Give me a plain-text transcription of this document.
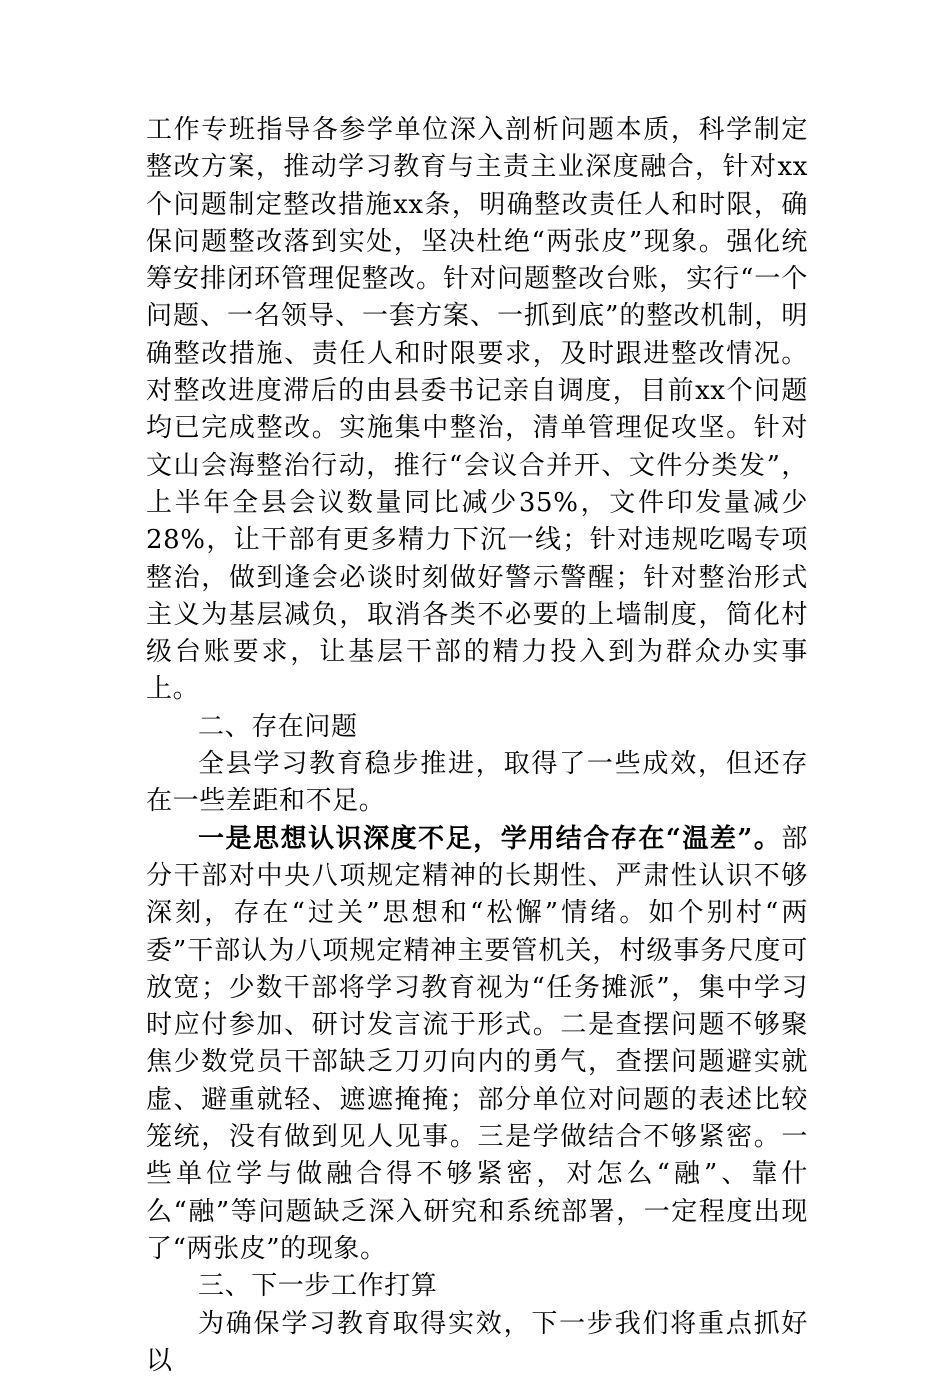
工作专班指导各参学单位深入剖析问题本质，科学制定整改方案，推动学习教育与主责主业深度融合，针对xx个问题制定整改措施xx条，明确整改责任人和时限，确保问题整改落到实处，坚决杜绝“两张皮”现象。强化统筹安排闭环管理促整改。针对问题整改台账，实行“一个问题、一名领导、一套方案、一抓到底”的整改机制，明确整改措施、责任人和时限要求，及时跟进整改情况。对整改进度滞后的由县委书记亲自调度，目前xx个问题均已完成整改。实施集中整治，清单管理促攻坚。针对文山会海整治行动，推行“会议合并开、文件分类发”，上半年全县会议数量同比减少35%，文件印发量减少28%，让干部有更多精力下沉一线；针对违规吃喝专项整治，做到逢会必谈时刻做好警示警醒；针对整治形式主义为基层减负，取消各类不必要的上墙制度，简化村级台账要求，让基层干部的精力投入到为群众办实事上。

二、存在问题

全县学习教育稳步推进，取得了一些成效，但还存在一些差距和不足。

一是思想认识深度不足，学用结合存在“温差”。部分干部对中央八项规定精神的长期性、严肃性认识不够深刻，存在“过关”思想和“松懈”情绪。如个别村“两委”干部认为八项规定精神主要管机关，村级事务尺度可放宽；少数干部将学习教育视为“任务摊派”，集中学习时应付参加、研讨发言流于形式。二是查摆问题不够聚焦少数党员干部缺乏刀刃向内的勇气，查摆问题避实就虚、避重就轻、遮遮掩掩；部分单位对问题的表述比较笼统，没有做到见人见事。三是学做结合不够紧密。一些单位学与做融合得不够紧密，对怎么“融”、靠什么“融”等问题缺乏深入研究和系统部署，一定程度出现了“两张皮”的现象。

三、下一步工作打算

为确保学习教育取得实效，下一步我们将重点抓好以
